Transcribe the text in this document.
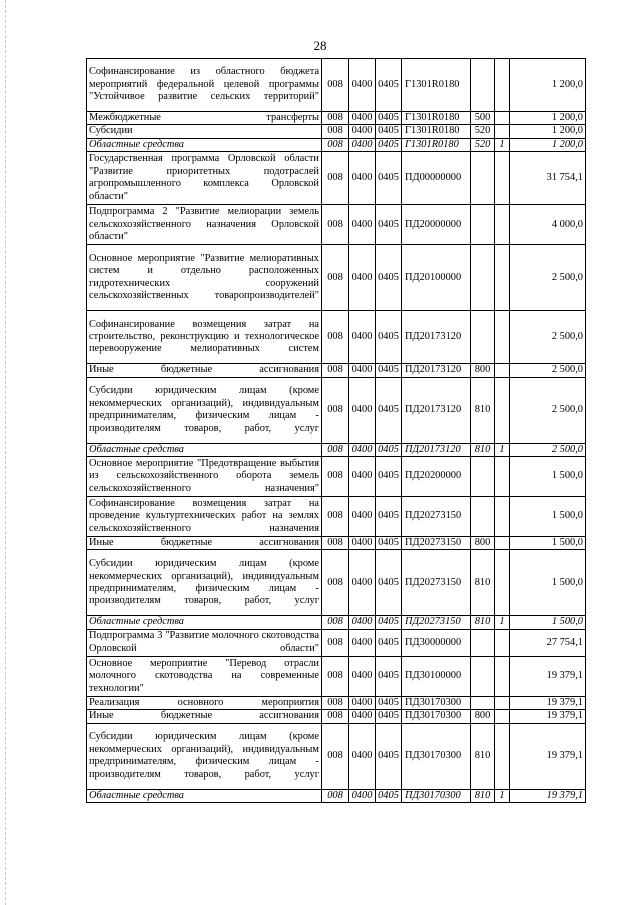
28
Софинансирование из областного бюджета мероприятий федеральной целевой программы "Устойчивое развитие сельских территорий"	008	0400	0405	Г1301R0180			1 200,0
Межбюджетные трансферты	008	0400	0405	Г1301R0180	500		1 200,0
Субсидии	008	0400	0405	Г1301R0180	520		1 200,0
Областные средства	008	0400	0405	Г1301R0180	520	1	1 200,0
Государственная программа Орловской области "Развитие приоритетных подотраслей агропромышленного комплекса Орловской области"	008	0400	0405	ПД00000000			31 754,1
Подпрограмма 2 "Развитие мелиорации земель сельскохозяйственного назначения Орловской области"	008	0400	0405	ПД20000000			4 000,0
Основное мероприятие "Развитие мелиоративных систем и отдельно расположенных гидротехнических сооружений сельскохозяйственных товаропроизводителей"	008	0400	0405	ПД20100000			2 500,0
Софинансирование возмещения затрат на строительство, реконструкцию и технологическое перевооружение мелиоративных систем	008	0400	0405	ПД20173120			2 500,0
Иные бюджетные ассигнования	008	0400	0405	ПД20173120	800		2 500,0
Субсидии юридическим лицам (кроме некоммерческих организаций), индивидуальным предпринимателям, физическим лицам - производителям товаров, работ, услуг	008	0400	0405	ПД20173120	810		2 500,0
Областные средства	008	0400	0405	ПД20173120	810	1	2 500,0
Основное мероприятие "Предотвращение выбытия из сельскохозяйственного оборота земель сельскохозяйственного назначения"	008	0400	0405	ПД20200000			1 500,0
Софинансирование возмещения затрат на проведение культуртехнических работ на землях сельскохозяйственного назначения	008	0400	0405	ПД20273150			1 500,0
Иные бюджетные ассигнования	008	0400	0405	ПД20273150	800		1 500,0
Субсидии юридическим лицам (кроме некоммерческих организаций), индивидуальным предпринимателям, физическим лицам - производителям товаров, работ, услуг	008	0400	0405	ПД20273150	810		1 500,0
Областные средства	008	0400	0405	ПД20273150	810	1	1 500,0
Подпрограмма 3 "Развитие молочного скотоводства Орловской области"	008	0400	0405	ПД30000000			27 754,1
Основное мероприятие "Перевод отрасли молочного скотоводства на современные технологии"	008	0400	0405	ПД30100000			19 379,1
Реализация основного мероприятия	008	0400	0405	ПД30170300			19 379,1
Иные бюджетные ассигнования	008	0400	0405	ПД30170300	800		19 379,1
Субсидии юридическим лицам (кроме некоммерческих организаций), индивидуальным предпринимателям, физическим лицам - производителям товаров, работ, услуг	008	0400	0405	ПД30170300	810		19 379,1
Областные средства	008	0400	0405	ПД30170300	810	1	19 379,1
